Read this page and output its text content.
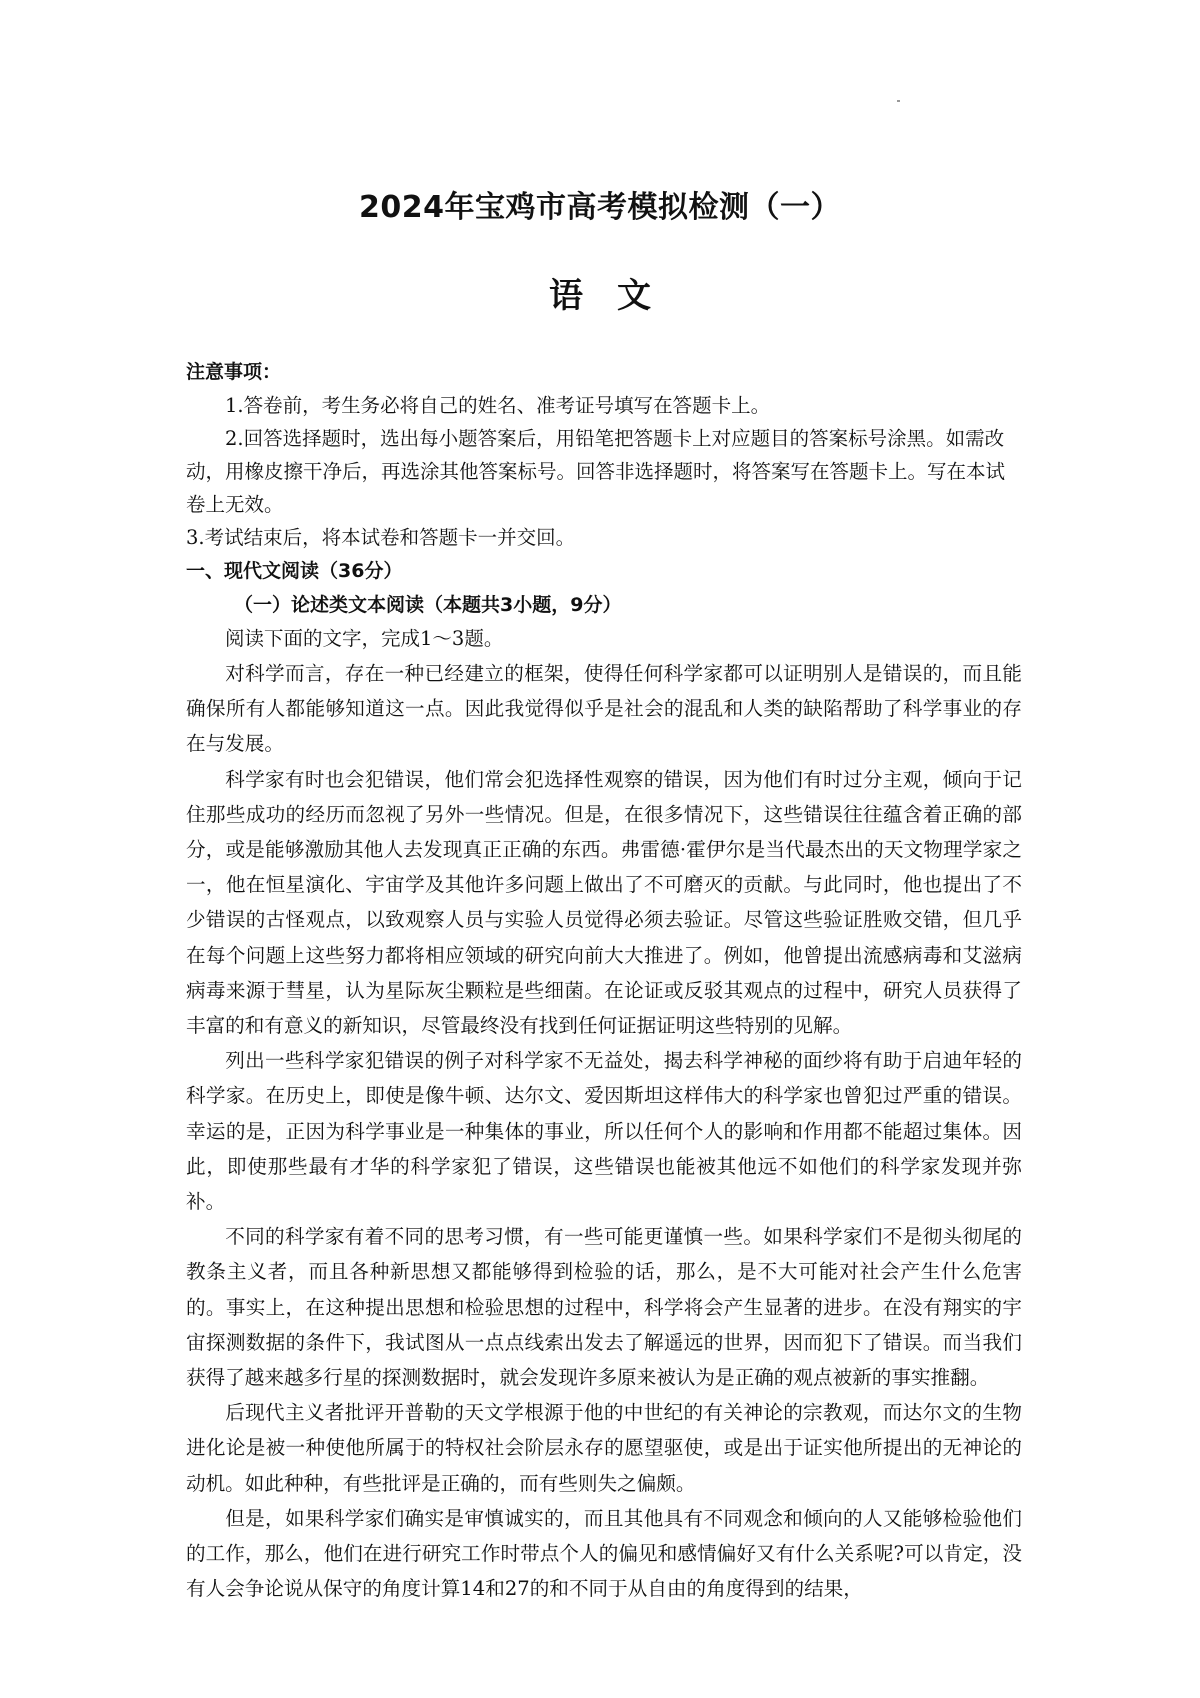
2024年宝鸡市高考模拟检测（一）
语文
注意事项：

1.答卷前，考生务必将自己的姓名、准考证号填写在答题卡上。

2.回答选择题时，选出每小题答案后，用铅笔把答题卡上对应题目的答案标号涂黑。如需改动，用橡皮擦干净后，再选涂其他答案标号。回答非选择题时，将答案写在答题卡上。写在本试卷上无效。

3.考试结束后，将本试卷和答题卡一并交回。

一、现代文阅读（36分）
（一）论述类文本阅读（本题共3小题，9分）
阅读下面的文字，完成1～3题。

对科学而言，存在一种已经建立的框架，使得任何科学家都可以证明别人是错误的，而且能确保所有人都能够知道这一点。因此我觉得似乎是社会的混乱和人类的缺陷帮助了科学事业的存在与发展。

科学家有时也会犯错误，他们常会犯选择性观察的错误，因为他们有时过分主观，倾向于记住那些成功的经历而忽视了另外一些情况。但是，在很多情况下，这些错误往往蕴含着正确的部分，或是能够激励其他人去发现真正正确的东西。弗雷德·霍伊尔是当代最杰出的天文物理学家之一，他在恒星演化、宇宙学及其他许多问题上做出了不可磨灭的贡献。与此同时，他也提出了不少错误的古怪观点，以致观察人员与实验人员觉得必须去验证。尽管这些验证胜败交错，但几乎在每个问题上这些努力都将相应领域的研究向前大大推进了。例如，他曾提出流感病毒和艾滋病病毒来源于彗星，认为星际灰尘颗粒是些细菌。在论证或反驳其观点的过程中，研究人员获得了丰富的和有意义的新知识，尽管最终没有找到任何证据证明这些特别的见解。

列出一些科学家犯错误的例子对科学家不无益处，揭去科学神秘的面纱将有助于启迪年轻的科学家。在历史上，即使是像牛顿、达尔文、爱因斯坦这样伟大的科学家也曾犯过严重的错误。幸运的是，正因为科学事业是一种集体的事业，所以任何个人的影响和作用都不能超过集体。因此，即使那些最有才华的科学家犯了错误，这些错误也能被其他远不如他们的科学家发现并弥补。

不同的科学家有着不同的思考习惯，有一些可能更谨慎一些。如果科学家们不是彻头彻尾的教条主义者，而且各种新思想又都能够得到检验的话，那么，是不大可能对社会产生什么危害的。事实上，在这种提出思想和检验思想的过程中，科学将会产生显著的进步。在没有翔实的宇宙探测数据的条件下，我试图从一点点线索出发去了解遥远的世界，因而犯下了错误。而当我们获得了越来越多行星的探测数据时，就会发现许多原来被认为是正确的观点被新的事实推翻。

后现代主义者批评开普勒的天文学根源于他的中世纪的有关神论的宗教观，而达尔文的生物进化论是被一种使他所属于的特权社会阶层永存的愿望驱使，或是出于证实他所提出的无神论的动机。如此种种，有些批评是正确的，而有些则失之偏颇。

但是，如果科学家们确实是审慎诚实的，而且其他具有不同观念和倾向的人又能够检验他们的工作，那么，他们在进行研究工作时带点个人的偏见和感情偏好又有什么关系呢?可以肯定，没有人会争论说从保守的角度计算14和27的和不同于从自由的角度得到的结果，
